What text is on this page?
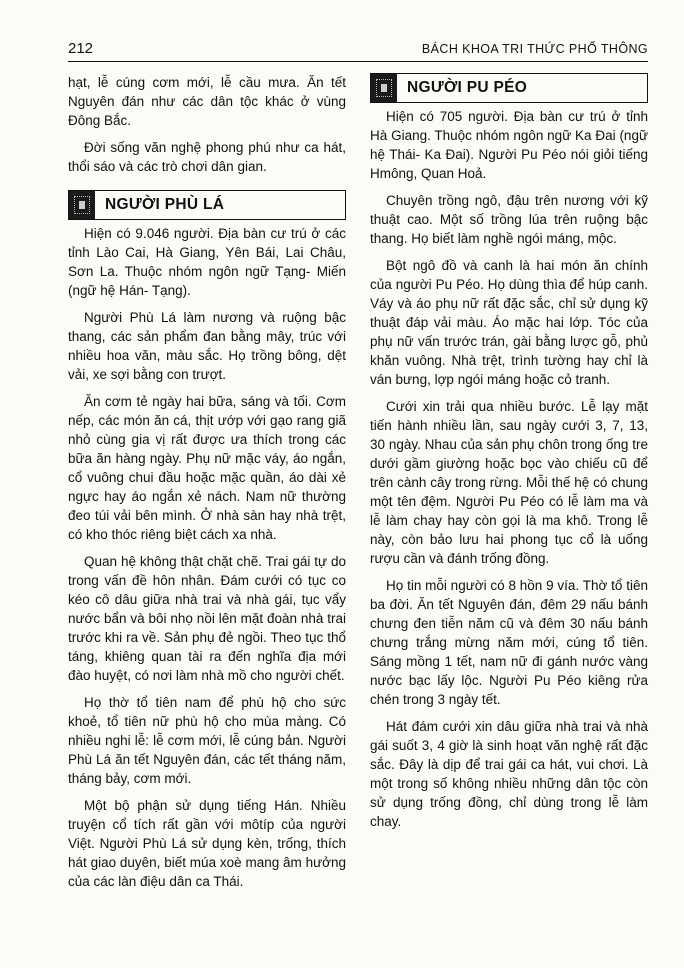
212	BÁCH KHOA TRI THỨC PHỔ THÔNG

hạt, lễ cúng cơm mới, lễ cầu mưa. Ăn tết Nguyên đán như các dân tộc khác ở vùng Đông Bắc.

Đời sống văn nghệ phong phú như ca hát, thổi sáo và các trò chơi dân gian.

NGƯỜI PHÙ LÁ

Hiện có 9.046 người. Địa bàn cư trú ở các tỉnh Lào Cai, Hà Giang, Yên Bái, Lai Châu, Sơn La. Thuộc nhóm ngôn ngữ Tạng- Miến (ngữ hệ Hán- Tạng).

Người Phù Lá làm nương và ruộng bậc thang, các sản phẩm đan bằng mây, trúc với nhiều hoa văn, màu sắc. Họ trồng bông, dệt vải, xe sợi bằng con trượt.

Ăn cơm tẻ ngày hai bữa, sáng và tối. Cơm nếp, các món ăn cá, thịt ướp với gạo rang giã nhỏ cùng gia vị rất được ưa thích trong các bữa ăn hàng ngày. Phụ nữ mặc váy, áo ngắn, cổ vuông chui đầu hoặc mặc quần, áo dài xẻ ngực hay áo ngắn xẻ nách. Nam nữ thường đeo túi vải bên mình. Ở nhà sàn hay nhà trệt, có kho thóc riêng biệt cách xa nhà.

Quan hệ không thật chặt chẽ. Trai gái tự do trong vấn đề hôn nhân. Đám cưới có tục co kéo cô dâu giữa nhà trai và nhà gái, tục vẩy nước bẩn và bôi nhọ nồi lên mặt đoàn nhà trai trước khi ra về. Sản phụ đẻ ngồi. Theo tục thổ táng, khiêng quan tài ra đến nghĩa địa mới đào huyệt, có nơi làm nhà mồ cho người chết.

Họ thờ tổ tiên nam để phù hộ cho sức khoẻ, tổ tiên nữ phù hộ cho mùa màng. Có nhiều nghi lễ: lễ cơm mới, lễ cúng bản. Người Phù Lá ăn tết Nguyên đán, các tết tháng năm, tháng bảy, cơm mới.

Một bộ phận sử dụng tiếng Hán. Nhiều truyện cổ tích rất gần với môtíp của người Việt. Người Phù Lá sử dụng kèn, trống, thích hát giao duyên, biết múa xoè mang âm hưởng của các làn điệu dân ca Thái.

NGƯỜI PU PÉO

Hiện có 705 người. Địa bàn cư trú ở tỉnh Hà Giang. Thuộc nhóm ngôn ngữ Ka Đai (ngữ hệ Thái- Ka Đai). Người Pu Péo nói giỏi tiếng Hmông, Quan Hoả.

Chuyên trồng ngô, đậu trên nương với kỹ thuật cao. Một số trồng lúa trên ruộng bậc thang. Họ biết làm nghề ngói máng, mộc.

Bột ngô đồ và canh là hai món ăn chính của người Pu Péo. Họ dùng thìa để húp canh. Váy và áo phụ nữ rất đặc sắc, chỉ sử dụng kỹ thuật đáp vải màu. Áo mặc hai lớp. Tóc của phụ nữ vấn trước trán, gài bằng lược gỗ, phủ khăn vuông. Nhà trệt, trình tường hay chỉ là ván bưng, lợp ngói máng hoặc cỏ tranh.

Cưới xin trải qua nhiều bước. Lễ lạy mặt tiến hành nhiều lần, sau ngày cưới 3, 7, 13, 30 ngày. Nhau của sản phụ chôn trong ống tre dưới gầm giường hoặc bọc vào chiếu cũ để trên cành cây trong rừng. Mỗi thế hệ có chung một tên đệm. Người Pu Péo có lễ làm ma và lễ làm chay hay còn gọi là ma khô. Trong lễ này, còn bảo lưu hai phong tục cổ là uống rượu cần và đánh trống đồng.

Họ tin mỗi người có 8 hồn 9 vía. Thờ tổ tiên ba đời. Ăn tết Nguyên đán, đêm 29 nấu bánh chưng đen tiễn năm cũ và đêm 30 nấu bánh chưng trắng mừng năm mới, cúng tổ tiên. Sáng mồng 1 tết, nam nữ đi gánh nước vàng nước bạc lấy lộc. Người Pu Péo kiêng rửa chén trong 3 ngày tết.

Hát đám cưới xin dâu giữa nhà trai và nhà gái suốt 3, 4 giờ là sinh hoạt văn nghệ rất đặc sắc. Đây là dịp để trai gái ca hát, vui chơi. Là một trong số không nhiều những dân tộc còn sử dụng trống đồng, chỉ dùng trong lễ làm chay.
